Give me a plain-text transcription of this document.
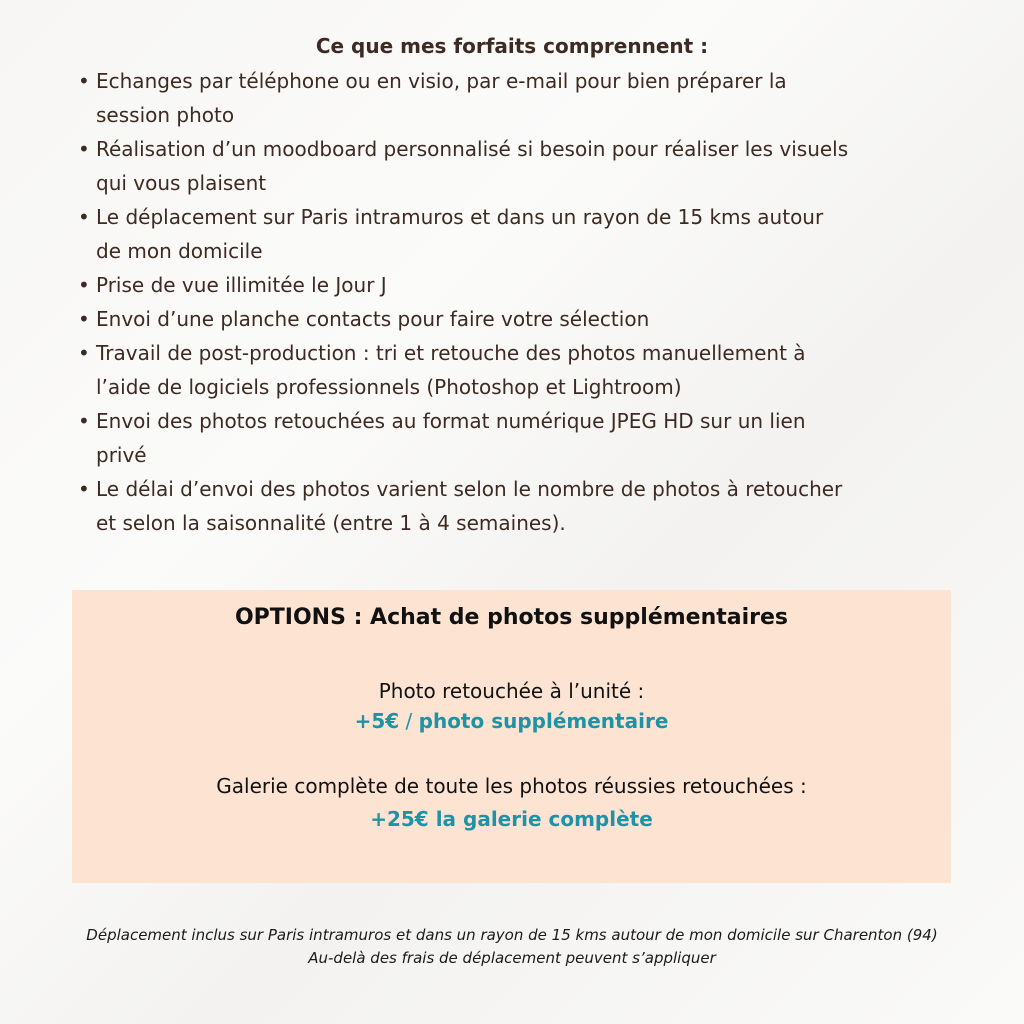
Ce que mes forfaits comprennent :
• Echanges par téléphone ou en visio, par e-mail pour bien préparer la
session photo
• Réalisation d’un moodboard personnalisé si besoin pour réaliser les visuels
qui vous plaisent
• Le déplacement sur Paris intramuros et dans un rayon de 15 kms autour
de mon domicile
• Prise de vue illimitée le Jour J
• Envoi d’une planche contacts pour faire votre sélection
• Travail de post-production : tri et retouche des photos manuellement à
l’aide de logiciels professionnels (Photoshop et Lightroom)
• Envoi des photos retouchées au format numérique JPEG HD sur un lien
privé
• Le délai d’envoi des photos varient selon le nombre de photos à retoucher
et selon la saisonnalité (entre 1 à 4 semaines).
OPTIONS : Achat de photos supplémentaires
Photo retouchée à l’unité :
+5€ / photo supplémentaire
Galerie complète de toute les photos réussies retouchées :
+25€ la galerie complète
Déplacement inclus sur Paris intramuros et dans un rayon de 15 kms autour de mon domicile sur Charenton (94)
Au-delà des frais de déplacement peuvent s’appliquer
